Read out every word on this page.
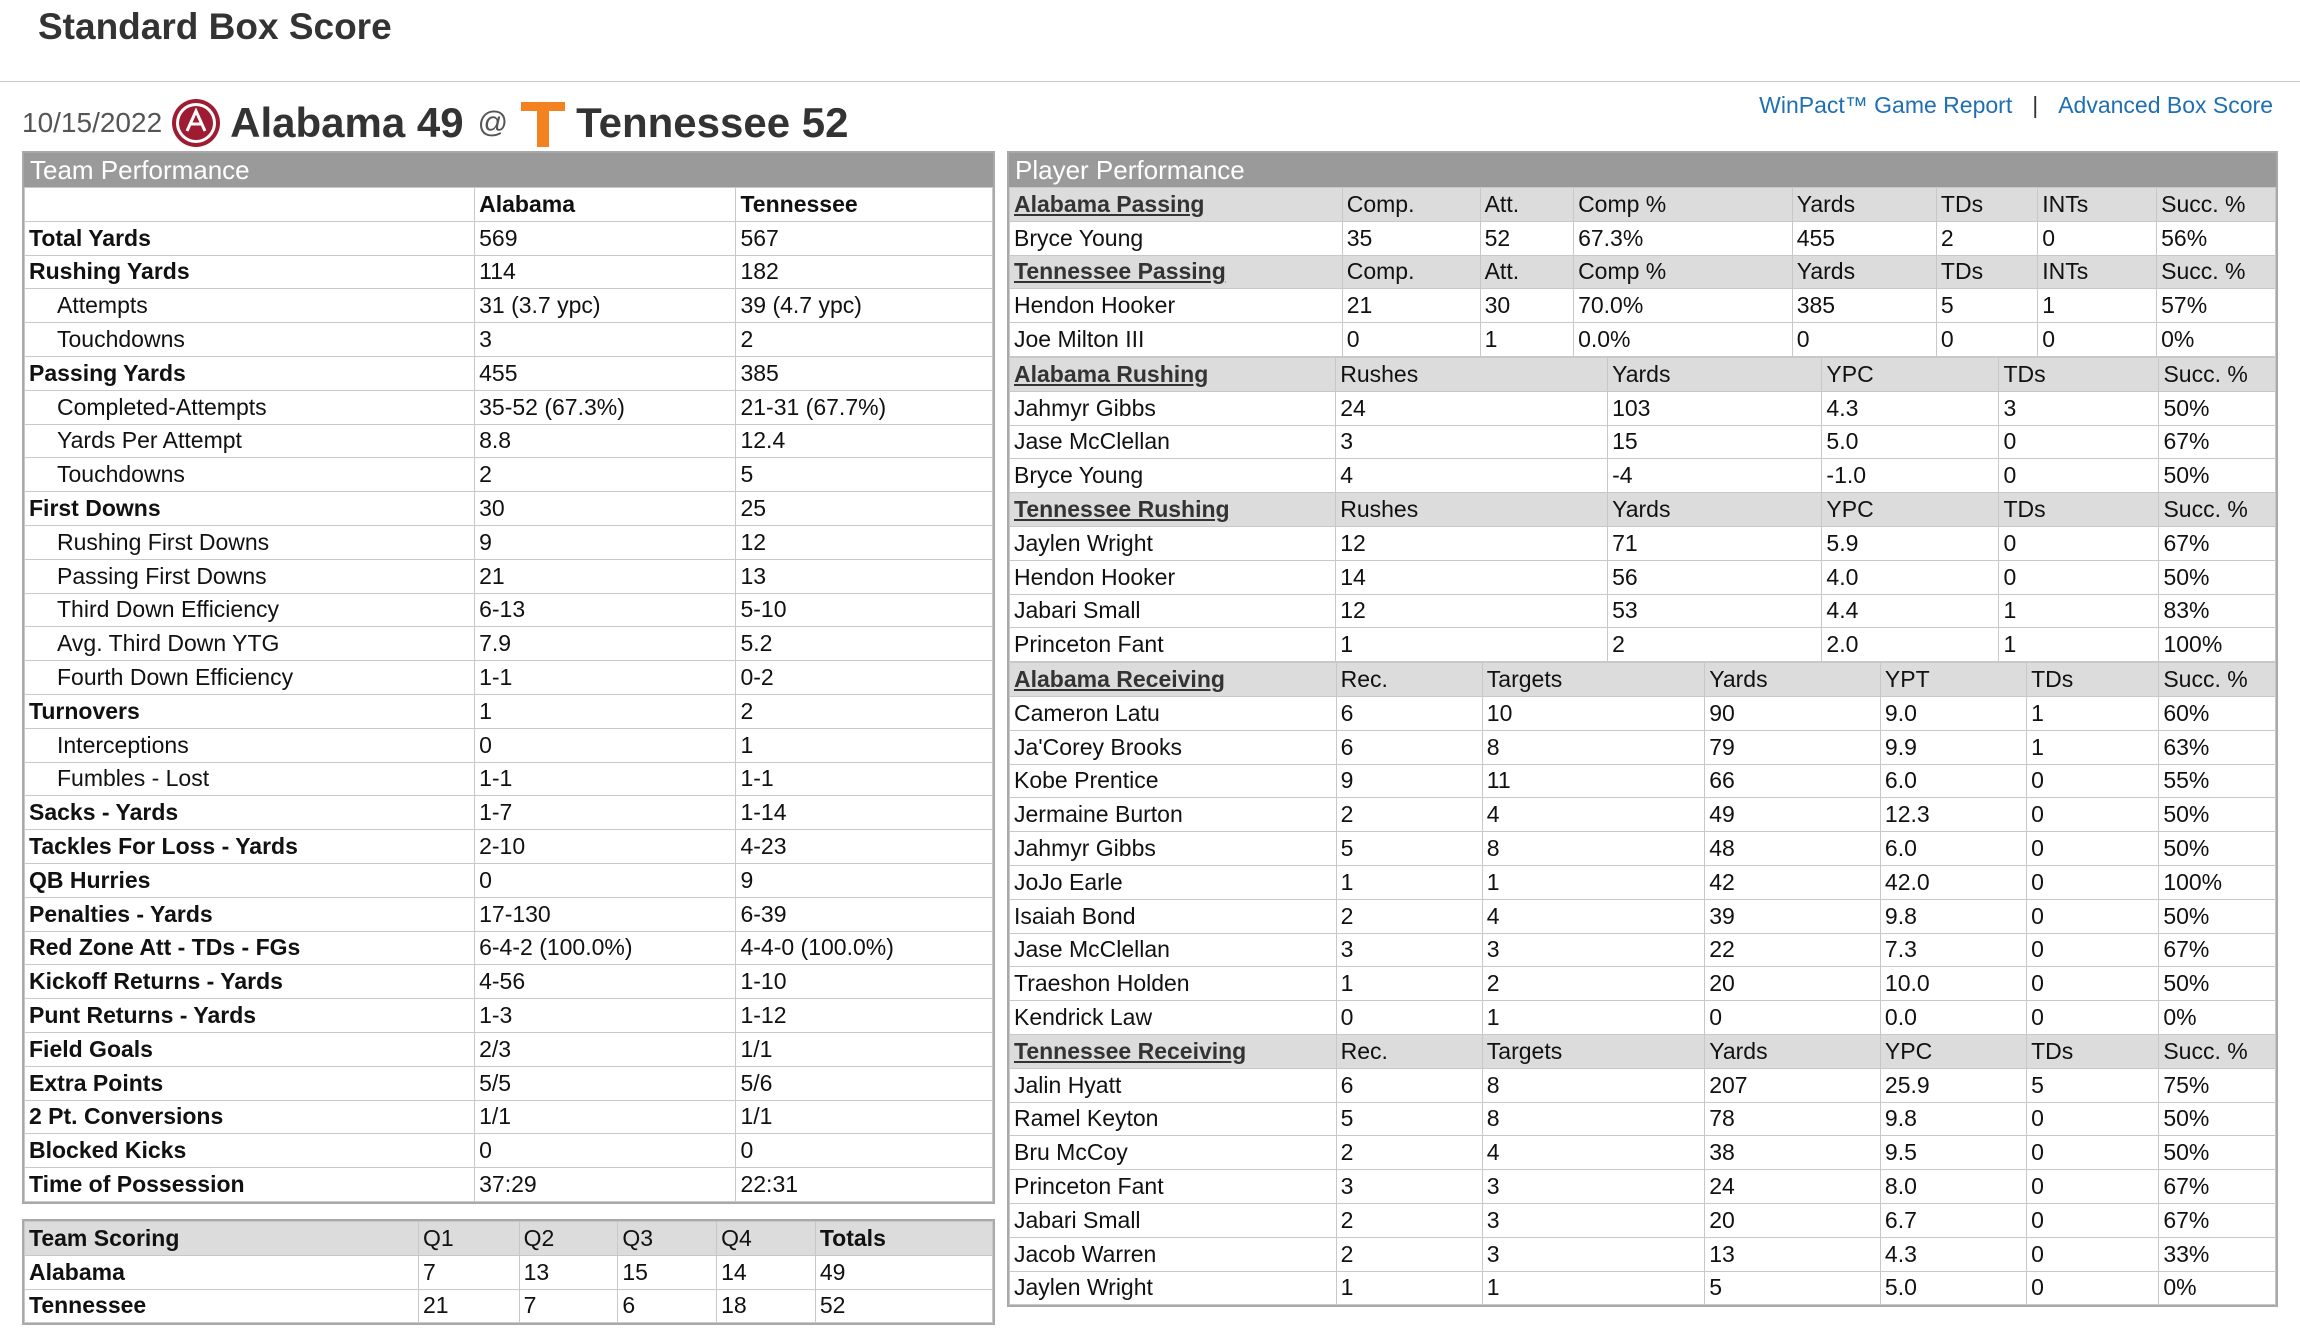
Standard Box Score
10/15/2022 Alabama 49 @ Tennessee 52	WinPact™ Game Report | Advanced Box Score
Team Performance
	Alabama	Tennessee
Total Yards	569	567
Rushing Yards	114	182
Attempts	31 (3.7 ypc)	39 (4.7 ypc)
Touchdowns	3	2
Passing Yards	455	385
Completed-Attempts	35-52 (67.3%)	21-31 (67.7%)
Yards Per Attempt	8.8	12.4
Touchdowns	2	5
First Downs	30	25
Rushing First Downs	9	12
Passing First Downs	21	13
Third Down Efficiency	6-13	5-10
Avg. Third Down YTG	7.9	5.2
Fourth Down Efficiency	1-1	0-2
Turnovers	1	2
Interceptions	0	1
Fumbles - Lost	1-1	1-1
Sacks - Yards	1-7	1-14
Tackles For Loss - Yards	2-10	4-23
QB Hurries	0	9
Penalties - Yards	17-130	6-39
Red Zone Att - TDs - FGs	6-4-2 (100.0%)	4-4-0 (100.0%)
Kickoff Returns - Yards	4-56	1-10
Punt Returns - Yards	1-3	1-12
Field Goals	2/3	1/1
Extra Points	5/5	5/6
2 Pt. Conversions	1/1	1/1
Blocked Kicks	0	0
Time of Possession	37:29	22:31
Team Scoring	Q1	Q2	Q3	Q4	Totals
Alabama	7	13	15	14	49
Tennessee	21	7	6	18	52
Player Performance
Alabama Passing	Comp.	Att.	Comp %	Yards	TDs	INTs	Succ. %
Bryce Young	35	52	67.3%	455	2	0	56%
Tennessee Passing	Comp.	Att.	Comp %	Yards	TDs	INTs	Succ. %
Hendon Hooker	21	30	70.0%	385	5	1	57%
Joe Milton III	0	1	0.0%	0	0	0	0%
Alabama Rushing	Rushes	Yards	YPC	TDs	Succ. %
Jahmyr Gibbs	24	103	4.3	3	50%
Jase McClellan	3	15	5.0	0	67%
Bryce Young	4	-4	-1.0	0	50%
Tennessee Rushing	Rushes	Yards	YPC	TDs	Succ. %
Jaylen Wright	12	71	5.9	0	67%
Hendon Hooker	14	56	4.0	0	50%
Jabari Small	12	53	4.4	1	83%
Princeton Fant	1	2	2.0	1	100%
Alabama Receiving	Rec.	Targets	Yards	YPT	TDs	Succ. %
Cameron Latu	6	10	90	9.0	1	60%
Ja'Corey Brooks	6	8	79	9.9	1	63%
Kobe Prentice	9	11	66	6.0	0	55%
Jermaine Burton	2	4	49	12.3	0	50%
Jahmyr Gibbs	5	8	48	6.0	0	50%
JoJo Earle	1	1	42	42.0	0	100%
Isaiah Bond	2	4	39	9.8	0	50%
Jase McClellan	3	3	22	7.3	0	67%
Traeshon Holden	1	2	20	10.0	0	50%
Kendrick Law	0	1	0	0.0	0	0%
Tennessee Receiving	Rec.	Targets	Yards	YPC	TDs	Succ. %
Jalin Hyatt	6	8	207	25.9	5	75%
Ramel Keyton	5	8	78	9.8	0	50%
Bru McCoy	2	4	38	9.5	0	50%
Princeton Fant	3	3	24	8.0	0	67%
Jabari Small	2	3	20	6.7	0	67%
Jacob Warren	2	3	13	4.3	0	33%
Jaylen Wright	1	1	5	5.0	0	0%
